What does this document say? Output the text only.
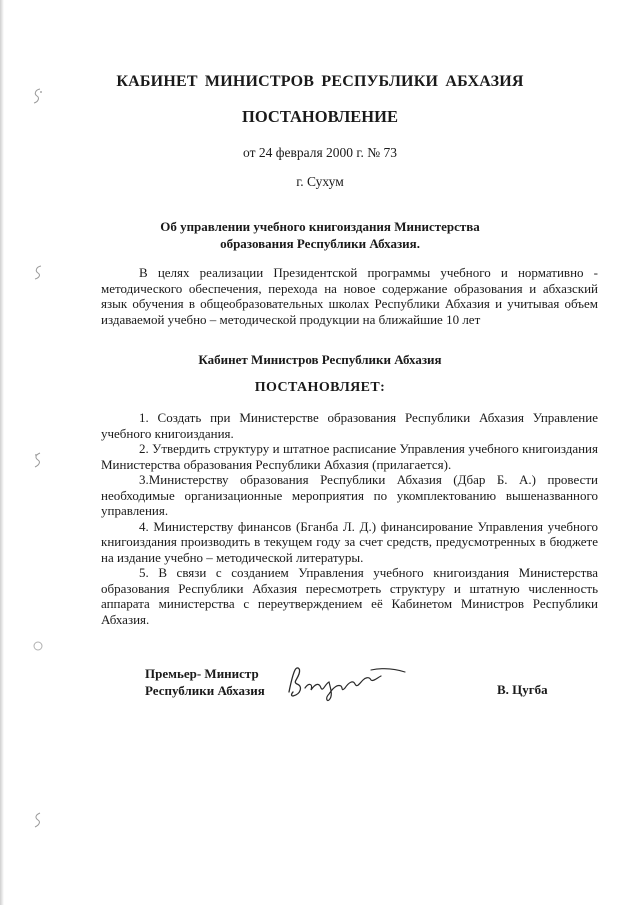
КАБИНЕТ МИНИСТРОВ РЕСПУБЛИКИ АБХАЗИЯ
ПОСТАНОВЛЕНИЕ
от 24 февраля 2000 г. № 73
г. Сухум
Об управлении учебного книгоиздания Министерства
образования Республики Абхазия.
В целях реализации Президентской программы учебного и нормативно - методического обеспечения, перехода на новое содержание образования и абхазский язык обучения в общеобразовательных школах Республики Абхазия и учитывая объем издаваемой учебно – методической продукции на ближайшие 10 лет
Кабинет Министров Республики Абхазия
ПОСТАНОВЛЯЕТ:

1. Создать при Министерстве образования Республики Абхазия Управление учебного книгоиздания.

2. Утвердить структуру и штатное расписание Управления учебного книгоиздания Министерства образования Республики Абхазия (прилагается).

3.Министерству образования Республики Абхазия (Дбар Б. А.) провести необходимые организационные мероприятия по укомплектованию вышеназванного управления.

4. Министерству финансов (Бганба Л. Д.) финансирование Управления учебного книгоиздания производить в текущем году за счет средств, предусмотренных в бюджете на издание учебно – методической литературы.

5. В связи с созданием Управления учебного книгоиздания Министерства образования Республики Абхазия пересмотреть структуру и штатную численность аппарата министерства с переутверждением её Кабинетом Министров Республики Абхазия.

Премьер- Министр
Республики Абхазия	В. Цугба
